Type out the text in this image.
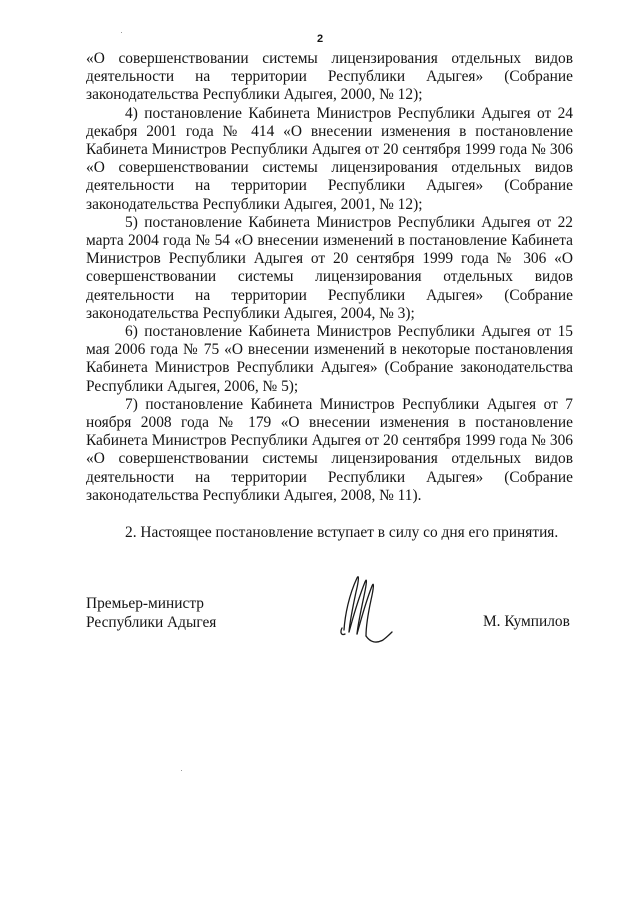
2

«О совершенствовании системы лицензирования отдельных видов деятельности на территории Республики Адыгея» (Собрание законодательства Республики Адыгея, 2000, № 12);

4) постановление Кабинета Министров Республики Адыгея от 24 декабря 2001 года № 414 «О внесении изменения в постановление Кабинета Министров Республики Адыгея от 20 сентября 1999 года № 306 «О совершенствовании системы лицензирования отдельных видов деятельности на территории Республики Адыгея» (Собрание законодательства Республики Адыгея, 2001, № 12);

5) постановление Кабинета Министров Республики Адыгея от 22 марта 2004 года № 54 «О внесении изменений в постановление Кабинета Министров Республики Адыгея от 20 сентября 1999 года № 306 «О совершенствовании системы лицензирования отдельных видов деятельности на территории Республики Адыгея» (Собрание законодательства Республики Адыгея, 2004, № 3);

6) постановление Кабинета Министров Республики Адыгея от 15 мая 2006 года № 75 «О внесении изменений в некоторые постановления Кабинета Министров Республики Адыгея» (Собрание законодательства Республики Адыгея, 2006, № 5);

7) постановление Кабинета Министров Республики Адыгея от 7 ноября 2008 года № 179 «О внесении изменения в постановление Кабинета Министров Республики Адыгея от 20 сентября 1999 года № 306 «О совершенствовании системы лицензирования отдельных видов деятельности на территории Республики Адыгея» (Собрание законодательства Республики Адыгея, 2008, № 11).

2. Настоящее постановление вступает в силу со дня его принятия.

Премьер-министр
Республики Адыгея	М. Кумпилов
